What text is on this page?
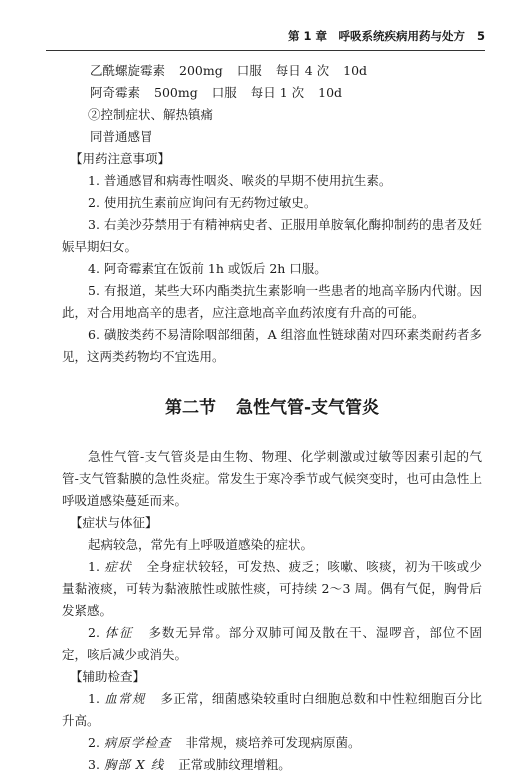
第 1 章　呼吸系统疾病用药与处方 5

乙酰螺旋霉素 200mg 口服 每日 4 次 10d

阿奇霉素 500mg 口服 每日 1 次 10d

②控制症状、解热镇痛

同普通感冒

【用药注意事项】

1. 普通感冒和病毒性咽炎、喉炎的早期不使用抗生素。

2. 使用抗生素前应询问有无药物过敏史。

3. 右美沙芬禁用于有精神病史者、正服用单胺氧化酶抑制药的患者及妊娠早期妇女。

4. 阿奇霉素宜在饭前 1h 或饭后 2h 口服。

5. 有报道，某些大环内酯类抗生素影响一些患者的地高辛肠内代谢。因此，对合用地高辛的患者，应注意地高辛血药浓度有升高的可能。

6. 磺胺类药不易清除咽部细菌，A 组溶血性链球菌对四环素类耐药者多见，这两类药物均不宜选用。

第二节 急性气管-支气管炎

急性气管-支气管炎是由生物、物理、化学刺激或过敏等因素引起的气管-支气管黏膜的急性炎症。常发生于寒冷季节或气候突变时，也可由急性上呼吸道感染蔓延而来。

【症状与体征】

起病较急，常先有上呼吸道感染的症状。

1. 症状 全身症状较轻，可发热、疲乏；咳嗽、咳痰，初为干咳或少量黏液痰，可转为黏液脓性或脓性痰，可持续 2～3 周。偶有气促，胸骨后发紧感。

2. 体征 多数无异常。部分双肺可闻及散在干、湿啰音，部位不固定，咳后减少或消失。

【辅助检查】

1. 血常规 多正常，细菌感染较重时白细胞总数和中性粒细胞百分比升高。

2. 病原学检查 非常规，痰培养可发现病原菌。

3. 胸部 X 线 正常或肺纹理增粗。
